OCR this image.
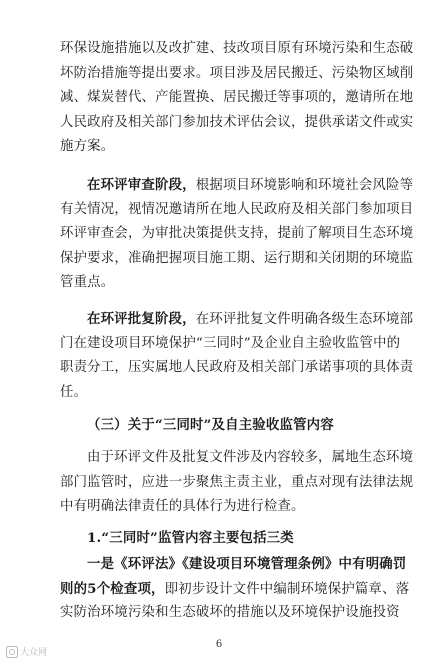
环保设施措施以及改扩建、技改项目原有环境污染和生态破
坏防治措施等提出要求。项目涉及居民搬迁、污染物区域削
减、煤炭替代、产能置换、居民搬迁等事项的，邀请所在地
人民政府及相关部门参加技术评估会议，提供承诺文件或实
施方案。
在环评审查阶段，根据项目环境影响和环境社会风险等
有关情况，视情况邀请所在地人民政府及相关部门参加项目
环评审查会，为审批决策提供支持，提前了解项目生态环境
保护要求，准确把握项目施工期、运行期和关闭期的环境监
管重点。
在环评批复阶段，在环评批复文件明确各级生态环境部
门在建设项目环境保护“三同时”及企业自主验收监管中的
职责分工，压实属地人民政府及相关部门承诺事项的具体责
任。
（三）关于“三同时”及自主验收监管内容
由于环评文件及批复文件涉及内容较多，属地生态环境
部门监管时，应进一步聚焦主责主业，重点对现有法律法规
中有明确法律责任的具体行为进行检查。
1.“三同时”监管内容主要包括三类
一是《环评法》《建设项目环境管理条例》中有明确罚
则的5个检查项，即初步设计文件中编制环境保护篇章、落
实防治环境污染和生态破坏的措施以及环境保护设施投资
6
大众网
